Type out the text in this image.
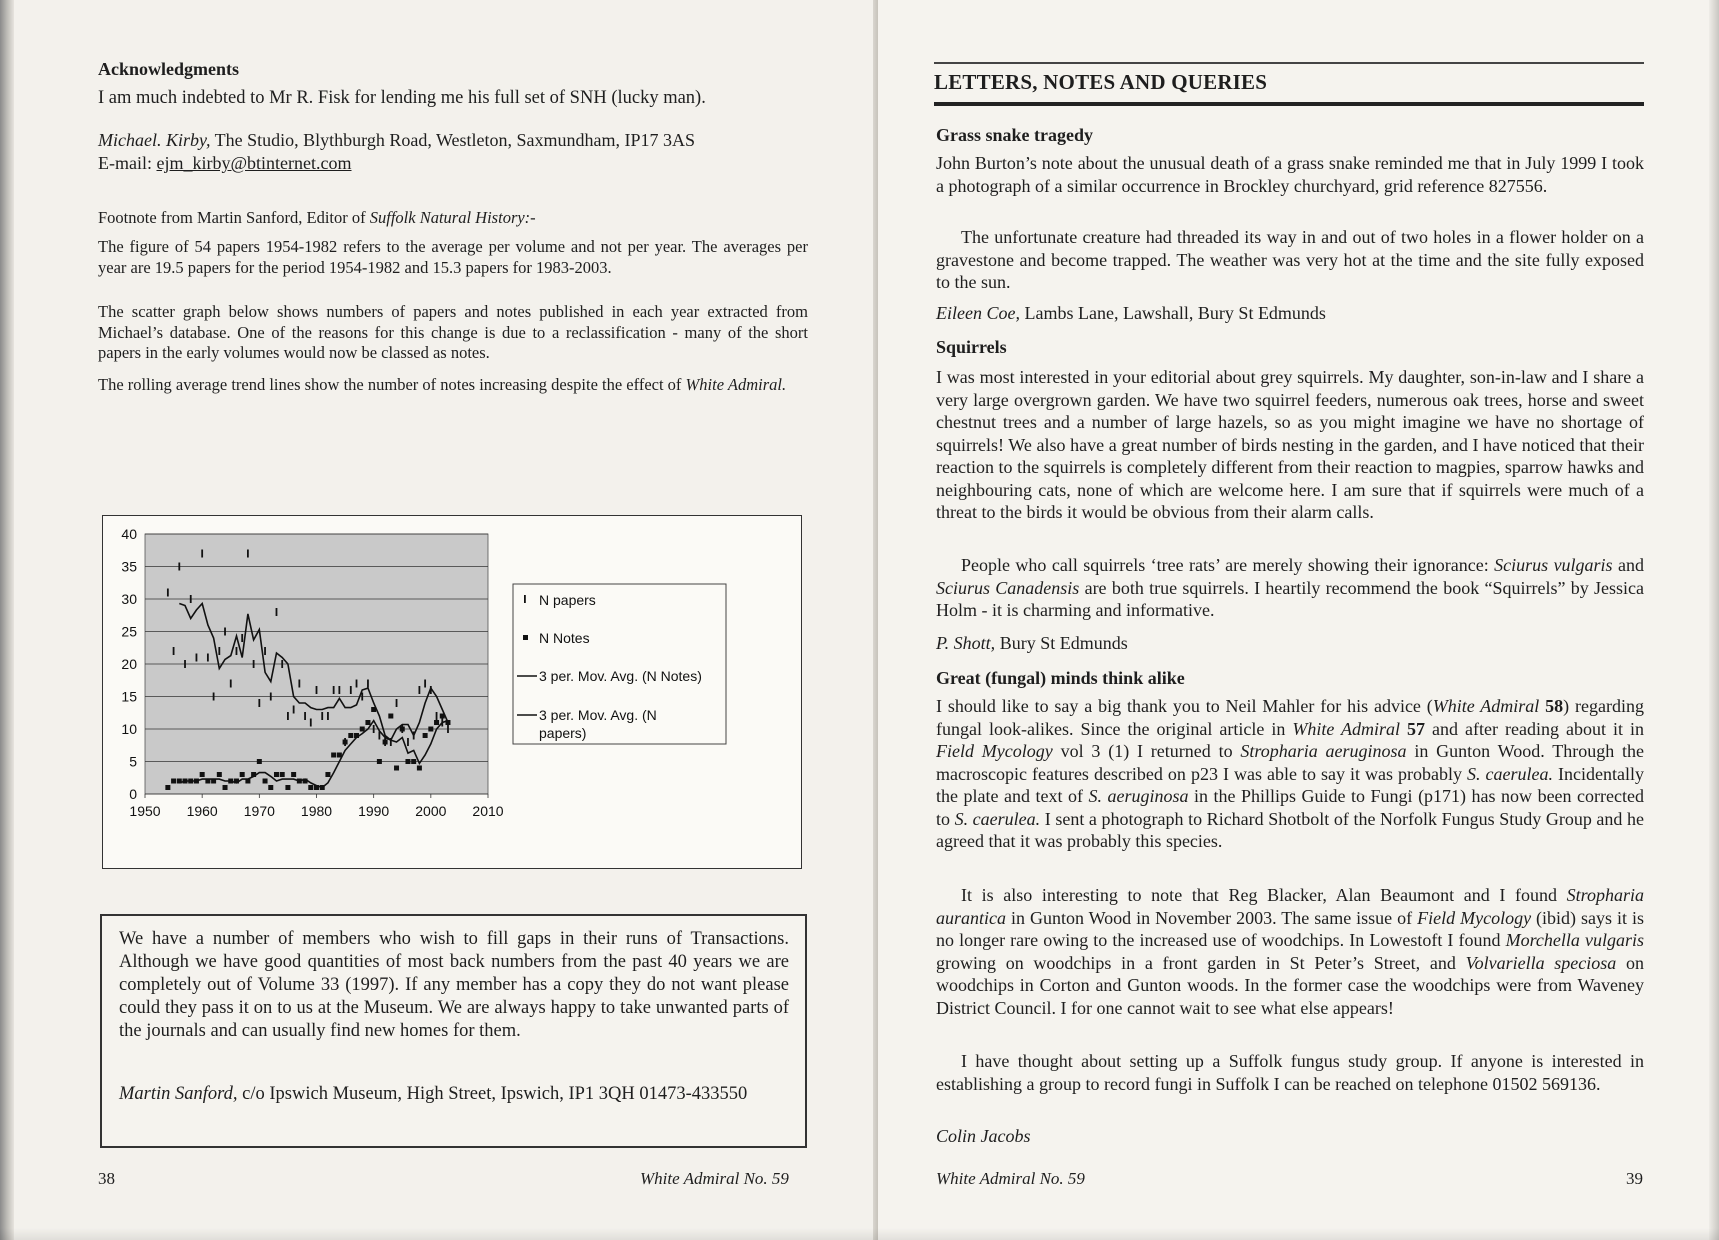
Acknowledgments

I am much indebted to Mr R. Fisk for lending me his full set of SNH (lucky man).

Michael. Kirby, The Studio, Blythburgh Road, Westleton, Saxmundham, IP17 3AS

E-mail: ejm_kirby@btinternet.com

Footnote from Martin Sanford, Editor of Suffolk Natural History:-

The figure of 54 papers 1954-1982 refers to the average per volume and not per year. The averages per year are 19.5 papers for the period 1954-1982 and 15.3 papers for 1983-2003.

The scatter graph below shows numbers of papers and notes published in each year extracted from Michael’s database. One of the reasons for this change is due to a reclassification - many of the short papers in the early volumes would now be classed as notes.

The rolling average trend lines show the number of notes increasing despite the effect of White Admiral.

0
5
10
15
20
25
30
35
40
1950 1960 1970 1980 1990 2000 2010
N papers
N Notes
3 per. Mov. Avg. (N Notes)
3 per. Mov. Avg. (N papers)

We have a number of members who wish to fill gaps in their runs of Transactions. Although we have good quantities of most back numbers from the past 40 years we are completely out of Volume 33 (1997). If any member has a copy they do not want please could they pass it on to us at the Museum. We are always happy to take unwanted parts of the journals and can usually find new homes for them.

Martin Sanford, c/o Ipswich Museum, High Street, Ipswich, IP1 3QH 01473-433550

38	White Admiral No. 59
LETTERS, NOTES AND QUERIES
Grass snake tragedy

John Burton’s note about the unusual death of a grass snake reminded me that in July 1999 I took a photograph of a similar occurrence in Brockley churchyard, grid reference 827556.

The unfortunate creature had threaded its way in and out of two holes in a flower holder on a gravestone and become trapped. The weather was very hot at the time and the site fully exposed to the sun.

Eileen Coe, Lambs Lane, Lawshall, Bury St Edmunds

Squirrels

I was most interested in your editorial about grey squirrels. My daughter, son-in-law and I share a very large overgrown garden. We have two squirrel feeders, numerous oak trees, horse and sweet chestnut trees and a number of large hazels, so as you might imagine we have no shortage of squirrels! We also have a great number of birds nesting in the garden, and I have noticed that their reaction to the squirrels is completely different from their reaction to magpies, sparrow hawks and neighbouring cats, none of which are welcome here. I am sure that if squirrels were much of a threat to the birds it would be obvious from their alarm calls.

People who call squirrels ‘tree rats’ are merely showing their ignorance: Sciurus vulgaris and Sciurus Canadensis are both true squirrels. I heartily recommend the book “Squirrels” by Jessica Holm - it is charming and informative.

P. Shott, Bury St Edmunds

Great (fungal) minds think alike

I should like to say a big thank you to Neil Mahler for his advice (White Admiral 58) regarding fungal look-alikes. Since the original article in White Admiral 57 and after reading about it in Field Mycology vol 3 (1) I returned to Stropharia aeruginosa in Gunton Wood. Through the macroscopic features described on p23 I was able to say it was probably S. caerulea. Incidentally the plate and text of S. aeruginosa in the Phillips Guide to Fungi (p171) has now been corrected to S. caerulea. I sent a photograph to Richard Shotbolt of the Norfolk Fungus Study Group and he agreed that it was probably this species.

It is also interesting to note that Reg Blacker, Alan Beaumont and I found Stropharia aurantica in Gunton Wood in November 2003. The same issue of Field Mycology (ibid) says it is no longer rare owing to the increased use of woodchips. In Lowestoft I found Morchella vulgaris growing on woodchips in a front garden in St Peter’s Street, and Volvariella speciosa on woodchips in Corton and Gunton woods. In the former case the woodchips were from Waveney District Council. I for one cannot wait to see what else appears!

I have thought about setting up a Suffolk fungus study group. If anyone is interested in establishing a group to record fungi in Suffolk I can be reached on telephone 01502 569136.

Colin Jacobs

White Admiral No. 59	39
